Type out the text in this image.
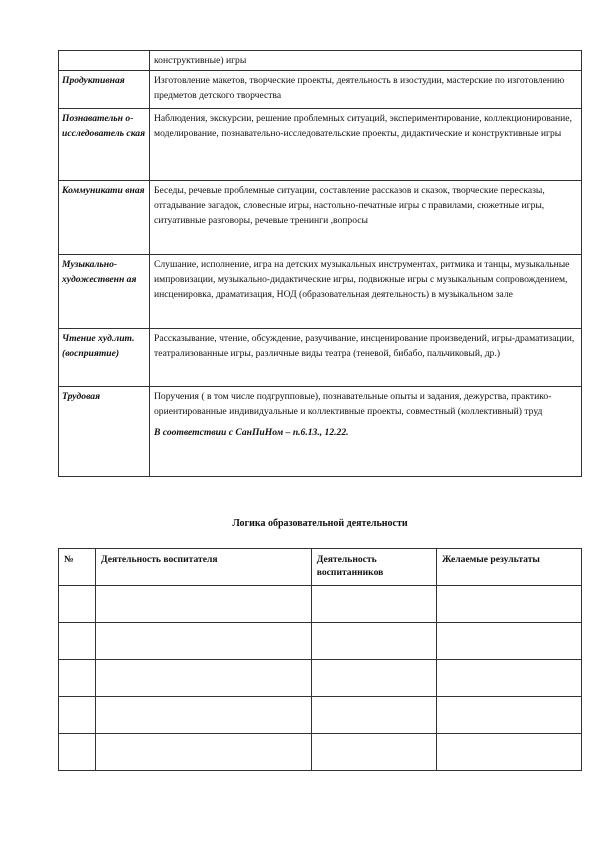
	конструктивные) игры
Продуктивная	Изготовление макетов, творческие проекты, деятельность в изостудии, мастерские по изготовлению предметов детского творчества
Познавательн о-исследователь ская	Наблюдения, экскурсии, решение проблемных ситуаций, экспериментирование, коллекционирование, моделирование, познавательно-исследовательские проекты, дидактические и конструктивные игры
Коммуникати вная	Беседы, речевые проблемные ситуации, составление рассказов и сказок, творческие пересказы, отгадывание загадок, словесные игры, настольно-печатные игры с правилами, сюжетные игры, ситуативные разговоры, речевые тренинги ,вопросы
Музыкально-художественн ая	Слушание, исполнение, игра на детских музыкальных инструментах, ритмика и танцы, музыкальные импровизации, музыкально-дидактические игры, подвижные игры с музыкальным сопровождением, инсценировка, драматизация, НОД (образовательная деятельность) в музыкальном зале
Чтение худ.лит. (восприятие)	Рассказывание, чтение, обсуждение, разучивание, инсценирование произведений, игры-драматизации, театрализованные игры, различные виды театра (теневой, бибабо, пальчиковый, др.)
Трудовая	Поручения ( в том числе подгрупповые), познавательные опыты и задания, дежурства, практико-ориентированные индивидуальные и коллективные проекты, совместный (коллективный) труд
В соответствии с СанПиНом – п.6.13., 12.22.
Логика образовательной деятельности
№	Деятельность воспитателя	Деятельность воспитанников	Желаемые результаты
